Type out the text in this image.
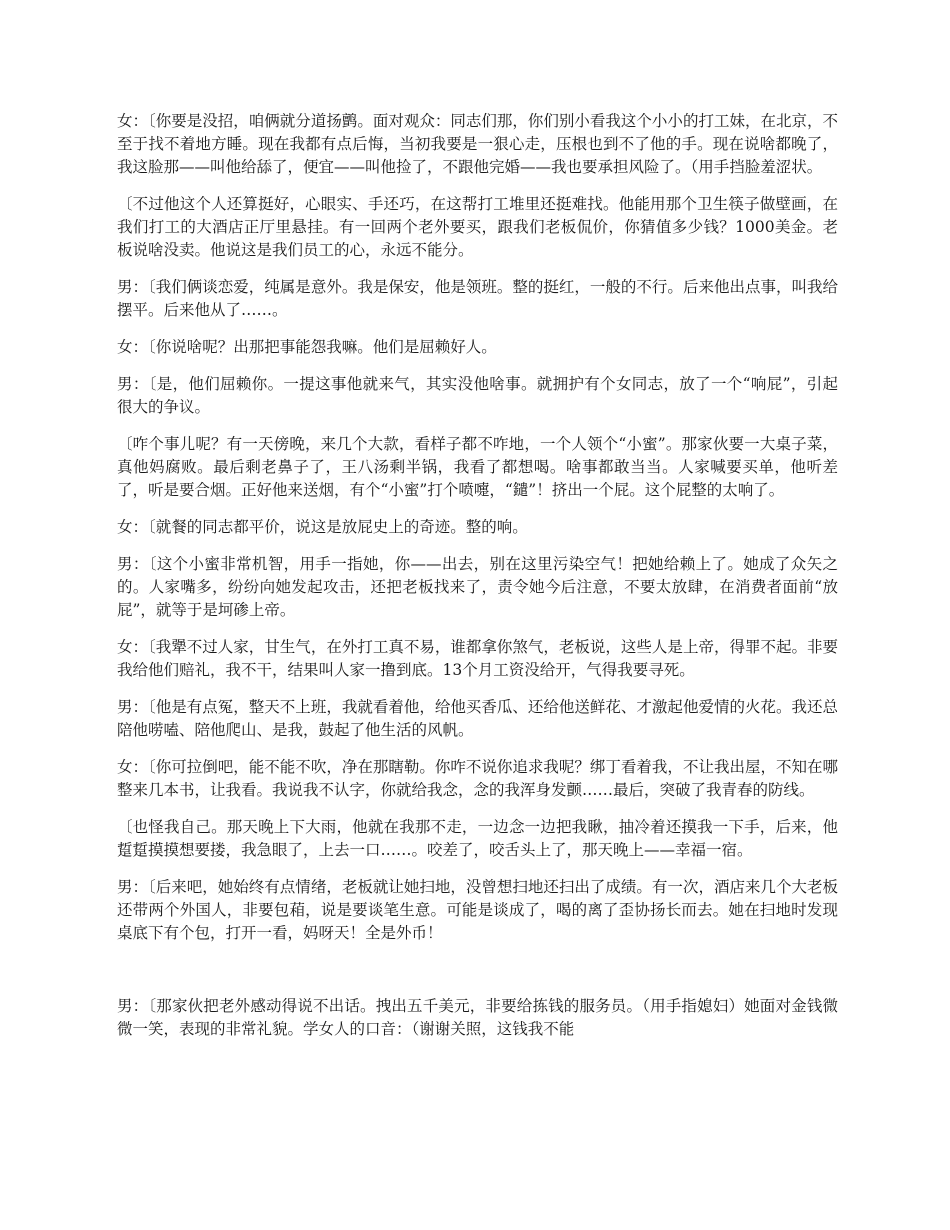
女：〔你要是没招，咱俩就分道扬鹯。面对观众：同志们那，你们别小看我这个小小的打工妹，在北京，不至于找不着地方睡。现在我都有点后悔，当初我要是一狠心走，压根也到不了他的手。现在说啥都晚了，我这脸那——叫他给舔了，便宜——叫他捡了，不跟他完婚——我也要承担风险了。（用手挡脸羞涩状。

〔不过他这个人还算挺好，心眼实、手还巧，在这帮打工堆里还挺难找。他能用那个卫生筷子做壁画，在我们打工的大酒店正厅里悬挂。有一回两个老外要买，跟我们老板侃价，你猜值多少钱？1000美金。老板说啥没卖。他说这是我们员工的心，永远不能分。

男：〔我们俩谈恋爱，纯属是意外。我是保安，他是领班。整的挺红，一般的不行。后来他出点事，叫我给摆平。后来他从了……。

女：〔你说啥呢？出那把事能怨我嘛。他们是屈赖好人。

男：〔是，他们屈赖你。一提这事他就来气，其实没他啥事。就拥护有个女同志，放了一个“响屁”，引起很大的争议。

〔咋个事儿呢？有一天傍晚，来几个大款，看样子都不咋地，一个人领个“小蜜”。那家伙要一大桌子菜，真他妈腐败。最后剩老鼻子了，王八汤剩半锅，我看了都想喝。啥事都敢当当。人家喊要买单，他听差了，听是要合烟。正好他来送烟，有个“小蜜”打个喷嚏，“鑓”！挤出一个屁。这个屁整的太响了。

女：〔就餐的同志都平价，说这是放屁史上的奇迹。整的响。

男：〔这个小蜜非常机智，用手一指她，你——出去，别在这里污染空气！把她给赖上了。她成了众矢之的。人家嘴多，纷纷向她发起攻击，还把老板找来了，责令她今后注意，不要太放肆，在消费者面前“放屁”，就等于是坷碜上帝。

女：〔我犟不过人家，甘生气，在外打工真不易，谁都拿你煞气，老板说，这些人是上帝，得罪不起。非要我给他们赔礼，我不干，结果叫人家一撸到底。13个月工资没给开，气得我要寻死。

男：〔他是有点冤，整天不上班，我就看着他，给他买香瓜、还给他送鲜花、才激起他爱情的火花。我还总陪他唠嗑、陪他爬山、是我，鼓起了他生活的风帆。

女：〔你可拉倒吧，能不能不吹，净在那瞎勒。你咋不说你追求我呢？绑丁看着我，不让我出屋，不知在哪整来几本书，让我看。我说我不认字，你就给我念，念的我浑身发颤……最后，突破了我青春的防线。

〔也怪我自己。那天晚上下大雨，他就在我那不走，一边念一边把我瞅，抽冷着还摸我一下手，后来，他踅踅摸摸想要搂，我急眼了，上去一口……。咬差了，咬舌头上了，那天晚上——幸福一宿。

男：〔后来吧，她始终有点情绪，老板就让她扫地，没曾想扫地还扫出了成绩。有一次，酒店来几个大老板还带两个外国人，非要包葙，说是要谈笔生意。可能是谈成了，喝的离了歪协扬长而去。她在扫地时发现桌底下有个包，打开一看，妈呀天！全是外币！

男：〔那家伙把老外感动得说不出话。拽出五千美元，非要给拣钱的服务员。（用手指媳妇）她面对金钱微微一笑，表现的非常礼貌。学女人的口音：（谢谢关照，这钱我不能
